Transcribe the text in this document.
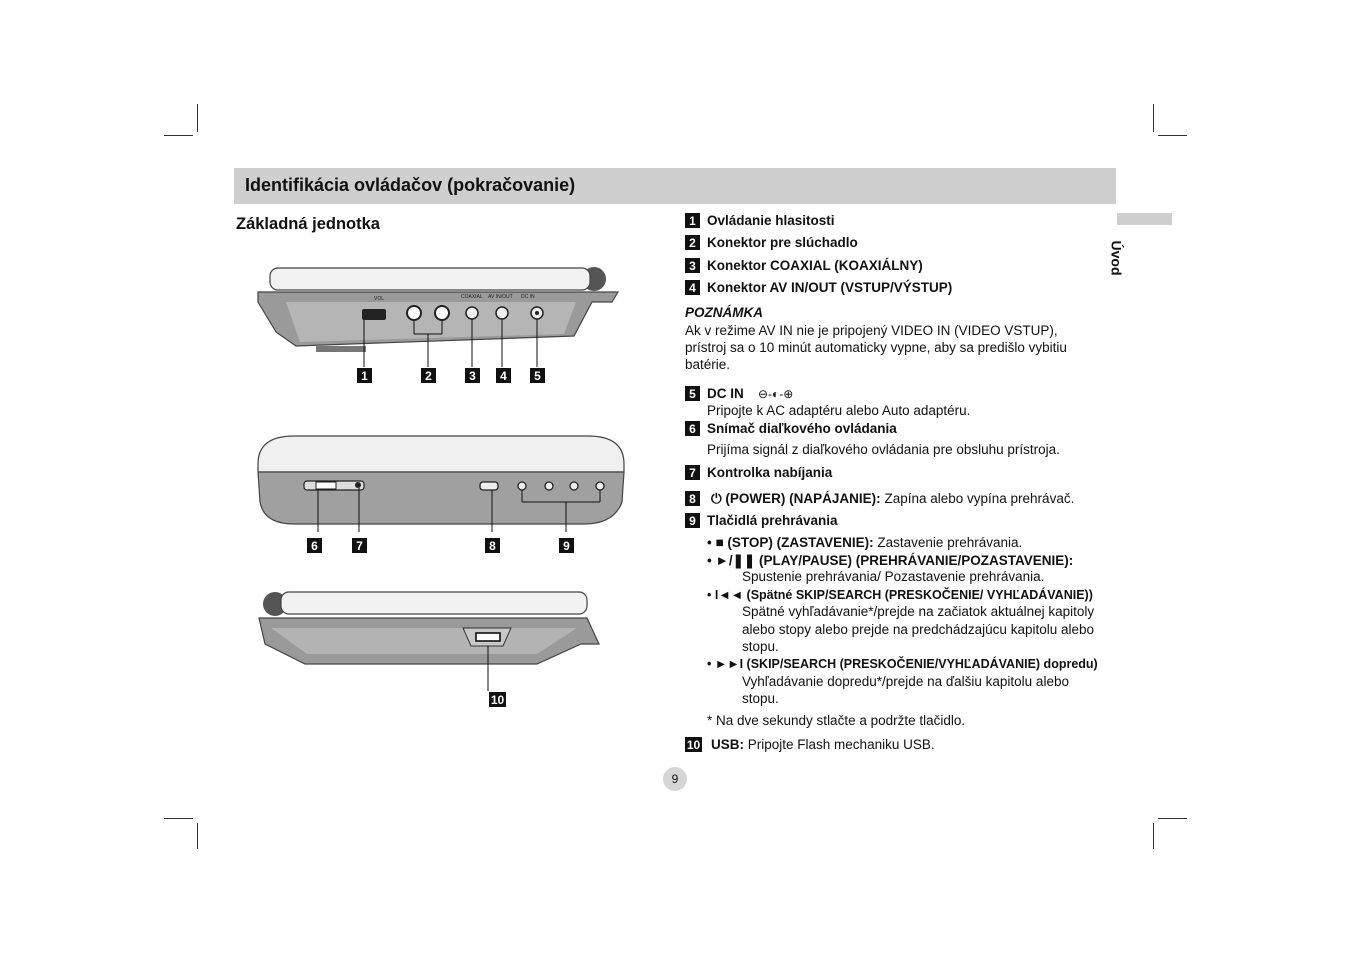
Identifikácia ovládačov (pokračovanie)
Základná jednotka
Úvod
VOL	COAXIAL AV IN/OUT DC IN
1	2	3	4	5
6	7	8	9
10
1 Ovládanie hlasitosti
2 Konektor pre slúchadlo
3 Konektor COAXIAL (KOAXIÁLNY)
4 Konektor AV IN/OUT (VSTUP/VÝSTUP)
POZNÁMKA
Ak v režime AV IN nie je pripojený VIDEO IN (VIDEO VSTUP),
prístroj sa o 10 minút automaticky vypne, aby sa predišlo vybitiu
batérie.
5 DC IN ⊖-◐-⊕
Pripojte k AC adaptéru alebo Auto adaptéru.
6 Snímač diaľkového ovládania
Prijíma signál z diaľkového ovládania pre obsluhu prístroja.
7 Kontrolka nabíjania
8	⏻ (POWER) (NAPÁJANIE): Zapína alebo vypína prehrávač.
9 Tlačidlá prehrávania
• ■ (STOP) (ZASTAVENIE): Zastavenie prehrávania.
• ►/❚❚ (PLAY/PAUSE) (PREHRÁVANIE/POZASTAVENIE):
Spustenie prehrávania/ Pozastavenie prehrávania.
• I◄◄ (Spätné SKIP/SEARCH (PRESKOČENIE/ VYHĽADÁVANIE))
Spätné vyhľadávanie*/prejde na začiatok aktuálnej kapitoly
alebo stopy alebo prejde na predchádzajúcu kapitolu alebo
stopu.
• ►►I (SKIP/SEARCH (PRESKOČENIE/VYHĽADÁVANIE) dopredu)
Vyhľadávanie dopredu*/prejde na ďalšiu kapitolu alebo
stopu.
* Na dve sekundy stlačte a podržte tlačidlo.
10 USB: Pripojte Flash mechaniku USB.
9
